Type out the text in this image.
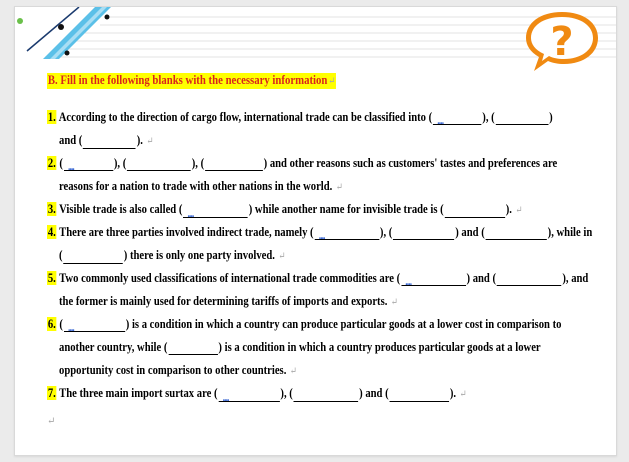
?
B. Fill in the following blanks with the necessary information↵
1. According to the direction of cargo flow, international trade can be classified into ( ....	), (	)
and (	). ↵
2. ( ....	), (	), (	) and other reasons such as customers' tastes and preferences are
reasons for a nation to trade with other nations in the world. ↵
3. Visible trade is also called ( ....	) while another name for invisible trade is (	). ↵
4. There are three parties involved indirect trade, namely ( ....	), (	) and (	), while in
(	) there is only one party involved. ↵
5. Two commonly used classifications of international trade commodities are ( ....	) and (	), and
the former is mainly used for determining tariffs of imports and exports. ↵
6. ( ....	) is a condition in which a country can produce particular goods at a lower cost in comparison to
another country, while (	) is a condition in which a country produces particular goods at a lower
opportunity cost in comparison to other countries. ↵
7. The three main import surtax are ( ....	), (	) and (	). ↵
↵
